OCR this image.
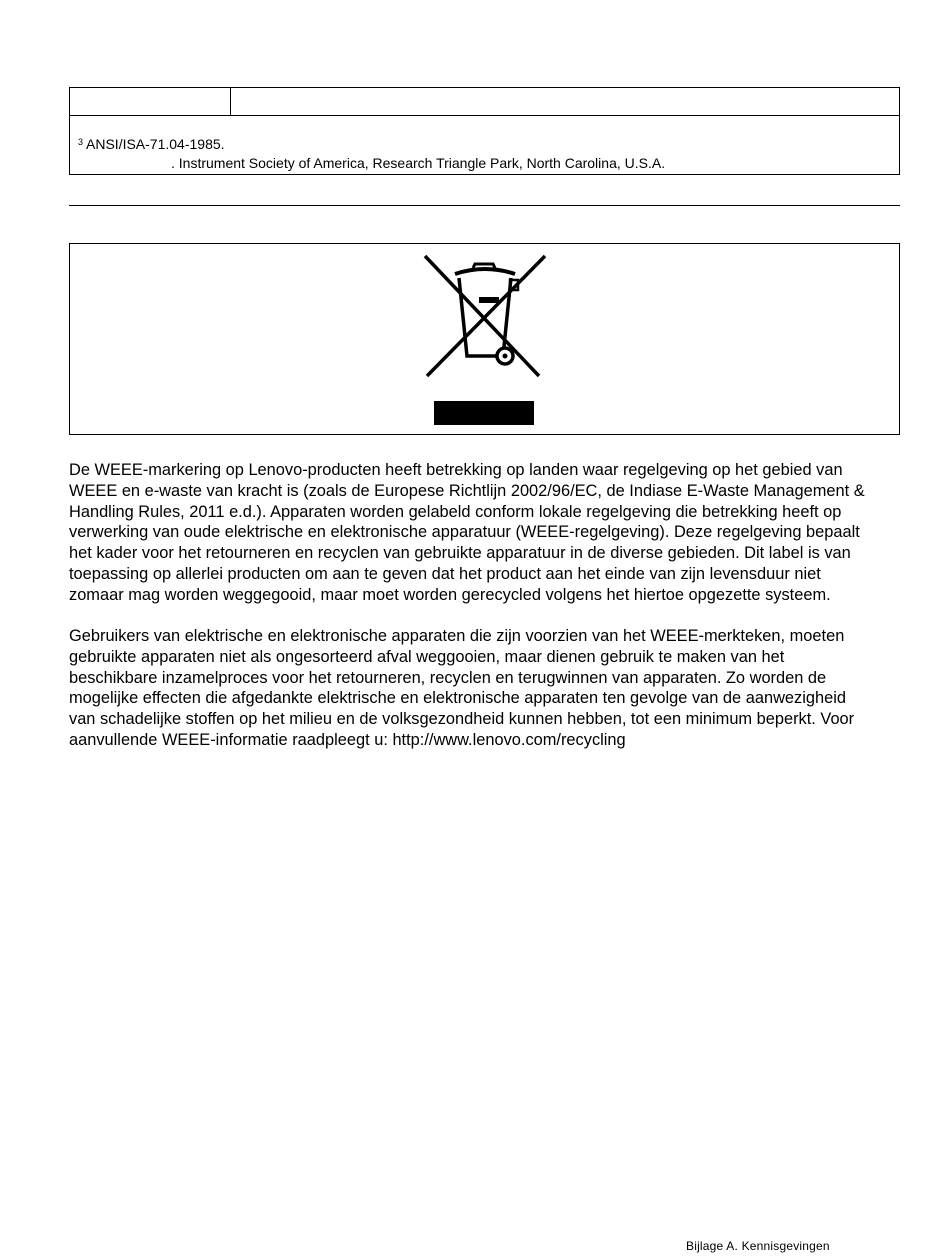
$^3$ ANSI/ISA-71.04-1985.
. Instrument Society of America, Research Triangle Park, North Carolina, U.S.A.
De WEEE-markering op Lenovo-producten heeft betrekking op landen waar regelgeving op het gebied van
WEEE en e-waste van kracht is (zoals de Europese Richtlijn 2002/96/EC, de Indiase E-Waste Management &
Handling Rules, 2011 e.d.). Apparaten worden gelabeld conform lokale regelgeving die betrekking heeft op
verwerking van oude elektrische en elektronische apparatuur (WEEE-regelgeving). Deze regelgeving bepaalt
het kader voor het retourneren en recyclen van gebruikte apparatuur in de diverse gebieden. Dit label is van
toepassing op allerlei producten om aan te geven dat het product aan het einde van zijn levensduur niet
zomaar mag worden weggegooid, maar moet worden gerecycled volgens het hiertoe opgezette systeem.
Gebruikers van elektrische en elektronische apparaten die zijn voorzien van het WEEE-merkteken, moeten
gebruikte apparaten niet als ongesorteerd afval weggooien, maar dienen gebruik te maken van het
beschikbare inzamelproces voor het retourneren, recyclen en terugwinnen van apparaten. Zo worden de
mogelijke effecten die afgedankte elektrische en elektronische apparaten ten gevolge van de aanwezigheid
van schadelijke stoffen op het milieu en de volksgezondheid kunnen hebben, tot een minimum beperkt. Voor
aanvullende WEEE-informatie raadpleegt u: http://www.lenovo.com/recycling
Bijlage A. Kennisgevingen
